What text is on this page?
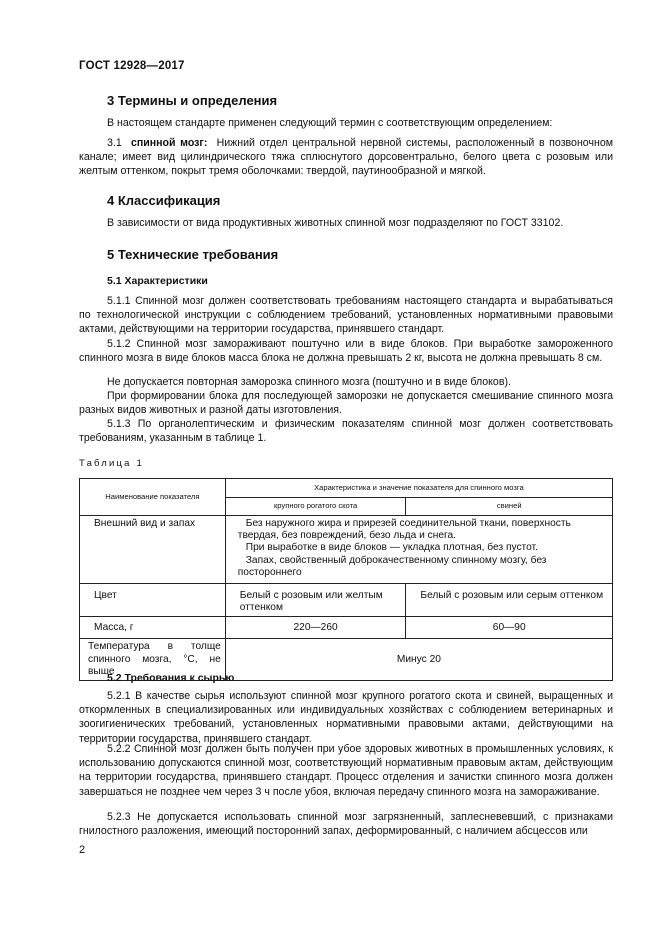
ГОСТ 12928—2017
3 Термины и определения
В настоящем стандарте применен следующий термин с соответствующим определением:
3.1 спинной мозг: Нижний отдел центральной нервной системы, расположенный в позвоночном канале; имеет вид цилиндрического тяжа сплюснутого дорсовентрально, белого цвета с розовым или желтым оттенком, покрыт тремя оболочками: твердой, паутинообразной и мягкой.
4 Классификация
В зависимости от вида продуктивных животных спинной мозг подразделяют по ГОСТ 33102.
5 Технические требования
5.1 Характеристики
5.1.1 Спинной мозг должен соответствовать требованиям настоящего стандарта и вырабатываться по технологической инструкции с соблюдением требований, установленных нормативными правовыми актами, действующими на территории государства, принявшего стандарт.
5.1.2 Спинной мозг замораживают поштучно или в виде блоков. При выработке замороженного спинного мозга в виде блоков масса блока не должна превышать 2 кг, высота не должна превышать 8 см.
Не допускается повторная заморозка спинного мозга (поштучно и в виде блоков).
При формировании блока для последующей заморозки не допускается смешивание спинного мозга разных видов животных и разной даты изготовления.
5.1.3 По органолептическим и физическим показателям спинной мозг должен соответствовать требованиям, указанным в таблице 1.
Таблица 1
Наименование показателя	Характеристика и значение показателя для спинного мозга	
	крупного рогатого скота	свиней
Внешний вид и запах	Без наружного жира и прирезей соединительной ткани, поверхность твердая, без повреждений, безо льда и снега.
При выработке в виде блоков — укладка плотная, без пустот.
Запах, свойственный доброкачественному спинному мозгу, без постороннего	

Цвет	Белый с розовым или желтым оттенком	Белый с розовым или серым оттенком
Масса, г	220—260	60—90
Температура в толще спинного мозга, °С, не выше	Минус 20	
5.2 Требования к сырью
5.2.1 В качестве сырья используют спинной мозг крупного рогатого скота и свиней, выращенных и откормленных в специализированных или индивидуальных хозяйствах с соблюдением ветеринарных и зоогигиенических требований, установленных нормативными правовыми актами, действующими на территории государства, принявшего стандарт.
5.2.2 Спинной мозг должен быть получен при убое здоровых животных в промышленных условиях, к использованию допускаются спинной мозг, соответствующий нормативным правовым актам, действующим на территории государства, принявшего стандарт. Процесс отделения и зачистки спинного мозга должен завершаться не позднее чем через 3 ч после убоя, включая передачу спинного мозга на замораживание.
5.2.3 Не допускается использовать спинной мозг загрязненный, заплесневевший, с признаками гнилостного разложения, имеющий посторонний запах, деформированный, с наличием абсцессов или
2
